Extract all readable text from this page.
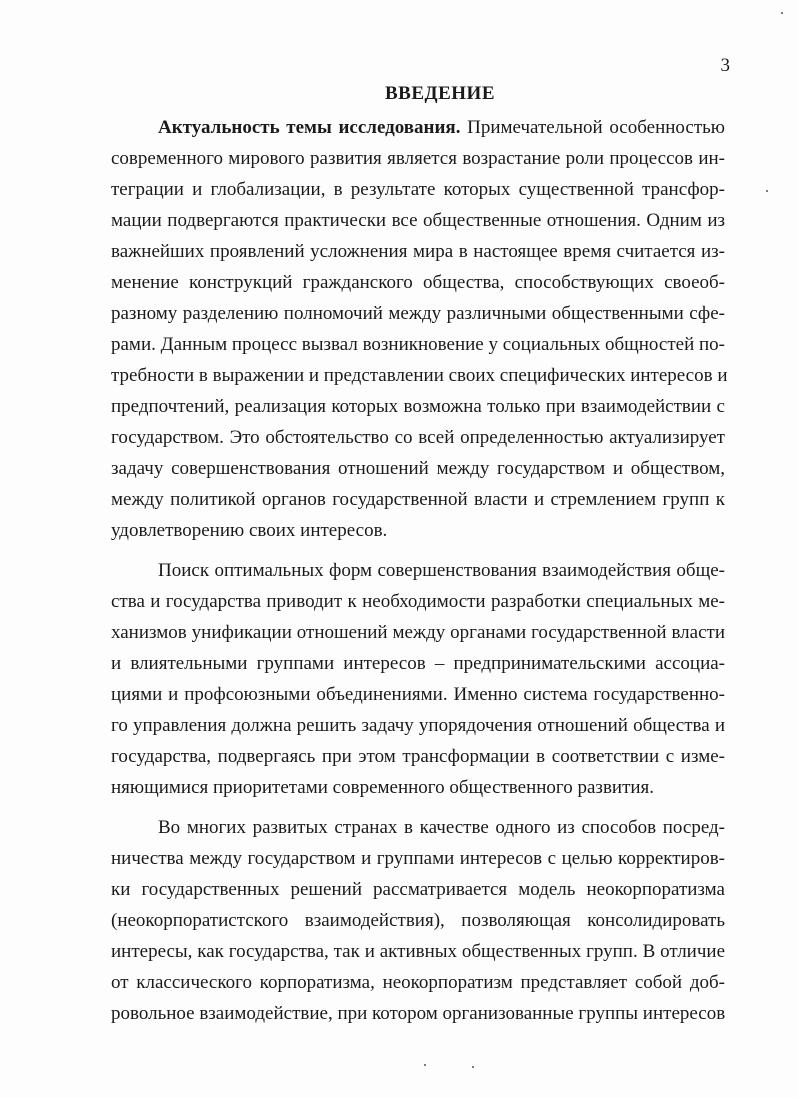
3
ВВЕДЕНИЕ
Актуальность темы исследования. Примечательной особенностью
современного мирового развития является возрастание роли процессов ин-
теграции и глобализации, в результате которых существенной трансфор-
мации подвергаются практически все общественные отношения. Одним из
важнейших проявлений усложнения мира в настоящее время считается из-
менение конструкций гражданского общества, способствующих своеоб-
разному разделению полномочий между различными общественными сфе-
рами. Данным процесс вызвал возникновение у социальных общностей по-
требности в выражении и представлении своих специфических интересов и
предпочтений, реализация которых возможна только при взаимодействии с
государством. Это обстоятельство со всей определенностью актуализирует
задачу совершенствования отношений между государством и обществом,
между политикой органов государственной власти и стремлением групп к
удовлетворению своих интересов.
Поиск оптимальных форм совершенствования взаимодействия обще-
ства и государства приводит к необходимости разработки специальных ме-
ханизмов унификации отношений между органами государственной власти
и влиятельными группами интересов – предпринимательскими ассоциа-
циями и профсоюзными объединениями. Именно система государственно-
го управления должна решить задачу упорядочения отношений общества и
государства, подвергаясь при этом трансформации в соответствии с изме-
няющимися приоритетами современного общественного развития.
Во многих развитых странах в качестве одного из способов посред-
ничества между государством и группами интересов с целью корректиров-
ки государственных решений рассматривается модель неокорпоратизма
(неокорпоратистского взаимодействия), позволяющая консолидировать
интересы, как государства, так и активных общественных групп. В отличие
от классического корпоратизма, неокорпоратизм представляет собой доб-
ровольное взаимодействие, при котором организованные группы интересов
